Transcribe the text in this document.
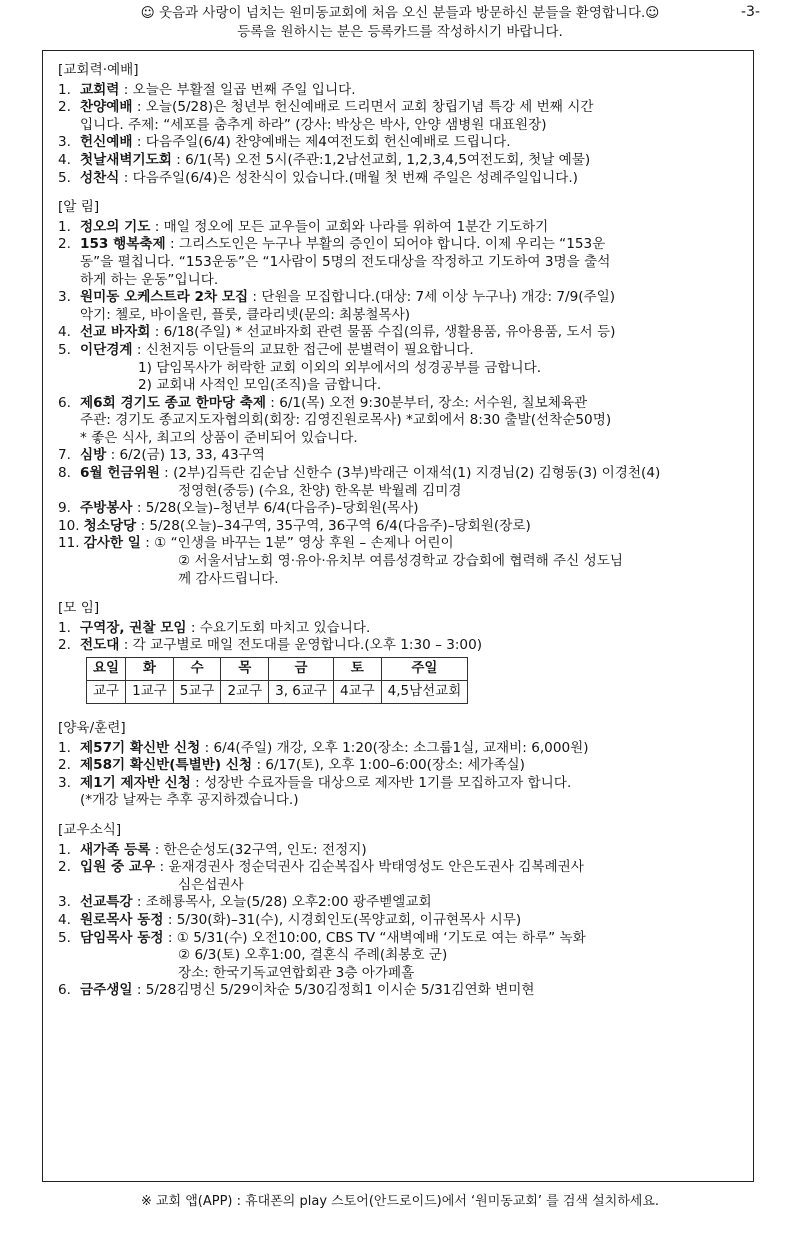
☺ 웃음과 사랑이 넘치는 원미동교회에 처음 오신 분들과 방문하신 분들을 환영합니다.☺
등록을 원하시는 분은 등록카드를 작성하시기 바랍니다.
-3-
[교회력·예배]
1. 교회력 : 오늘은 부활절 일곱 번째 주일 입니다.
2. 찬양예배 : 오늘(5/28)은 청년부 헌신예배로 드리면서 교회 창립기념 특강 세 번째 시간
입니다. 주제: “세포를 춤추게 하라” (강사: 박상은 박사, 안양 샘병원 대표원장)
3. 헌신예배 : 다음주일(6/4) 찬양예배는 제4여전도회 헌신예배로 드립니다.
4. 첫날새벽기도회 : 6/1(목) 오전 5시(주관:1,2남선교회, 1,2,3,4,5여전도회, 첫날 예물)
5. 성찬식 : 다음주일(6/4)은 성찬식이 있습니다.(매월 첫 번째 주일은 성례주일입니다.)
[알 림]
1. 정오의 기도 : 매일 정오에 모든 교우들이 교회와 나라를 위하여 1분간 기도하기
2. 153 행복축제 : 그리스도인은 누구나 부활의 증인이 되어야 합니다. 이제 우리는 “153운
동”을 펼칩니다. “153운동”은 “1사람이 5명의 전도대상을 작정하고 기도하여 3명을 출석
하게 하는 운동”입니다.
3. 원미동 오케스트라 2차 모집 : 단원을 모집합니다.(대상: 7세 이상 누구나) 개강: 7/9(주일)
악기: 첼로, 바이올린, 플룻, 클라리넷(문의: 최봉철목사)
4. 선교 바자회 : 6/18(주일) * 선교바자회 관련 물품 수집(의류, 생활용품, 유아용품, 도서 등)
5. 이단경계 : 신천지등 이단들의 교묘한 접근에 분별력이 필요합니다.
1) 담임목사가 허락한 교회 이외의 외부에서의 성경공부를 금합니다.
2) 교회내 사적인 모임(조직)을 금합니다.
6. 제6회 경기도 종교 한마당 축제 : 6/1(목) 오전 9:30분부터, 장소: 서수원, 칠보체육관
주관: 경기도 종교지도자협의회(회장: 김영진원로목사) *교회에서 8:30 출발(선착순50명)
* 좋은 식사, 최고의 상품이 준비되어 있습니다.
7. 심방 : 6/2(금) 13, 33, 43구역
8. 6월 헌금위원 : (2부)김득란 김순남 신한수 (3부)박래근 이재석(1) 지경님(2) 김형동(3) 이경천(4)
정영현(중등) (수요, 찬양) 한옥분 박월례 김미경
9. 주방봉사 : 5/28(오늘)–청년부 6/4(다음주)–당회원(목사)
10. 청소당당 : 5/28(오늘)–34구역, 35구역, 36구역 6/4(다음주)–당회원(장로)
11. 감사한 일 : ① “인생을 바꾸는 1분” 영상 후원 – 손제나 어린이
② 서울서남노회 영·유아·유치부 여름성경학교 강습회에 협력해 주신 성도님
께 감사드립니다.
[모 임]
1. 구역장, 권찰 모임 : 수요기도회 마치고 있습니다.
2. 전도대 : 각 교구별로 매일 전도대를 운영합니다.(오후 1:30 – 3:00)
요일	화	수	목	금	토	주일
교구	1교구	5교구	2교구	3, 6교구	4교구	4,5남선교회
[양육/훈련]
1. 제57기 확신반 신청 : 6/4(주일) 개강, 오후 1:20(장소: 소그룹1실, 교재비: 6,000원)
2. 제58기 확신반(특별반) 신청 : 6/17(토), 오후 1:00–6:00(장소: 세가족실)
3. 제1기 제자반 신청 : 성장반 수료자들을 대상으로 제자반 1기를 모집하고자 합니다.
(*개강 날짜는 추후 공지하겠습니다.)
[교우소식]
1. 새가족 등록 : 한은순성도(32구역, 인도: 전정지)
2. 입원 중 교우 : 윤재경권사 정순덕권사 김순복집사 박태영성도 안은도권사 김복례권사
심은섭권사
3. 선교특강 : 조해룡목사, 오늘(5/28) 오후2:00 광주벧엘교회
4. 원로목사 동정 : 5/30(화)–31(수), 시경회인도(목양교회, 이규현목사 시무)
5. 담임목사 동정 : ① 5/31(수) 오전10:00, CBS TV “새벽예배 ‘기도로 여는 하루” 녹화
② 6/3(토) 오후1:00, 결혼식 주례(최봉호 군)
장소: 한국기독교연합회관 3층 아가페홀
6. 금주생일 : 5/28김명신 5/29이차순 5/30김정희1 이시순 5/31김연화 변미현
※ 교회 앱(APP) : 휴대폰의 play 스토어(안드로이드)에서 ‘원미동교회’ 를 검색 설치하세요.
